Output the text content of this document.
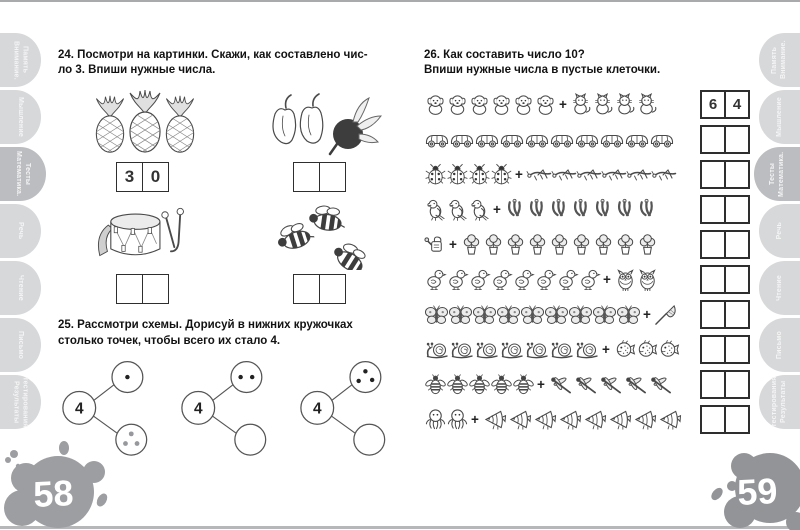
Внимание. Память
Мышление
Математика. Тесты
Речь
Чтение
Письмо
Результаты тестирования
Внимание. Память
Мышление
Математика. Тесты
Речь
Чтение
Письмо
Результаты тестирования
24. Посмотри на картинки. Скажи, как составлено чис-
ло 3. Впиши нужные числа.
3 0
25. Рассмотри схемы. Дорисуй в нижних кружочках
столько точек, чтобы всего их стало 4.
4	4	4
26. Как составить число 10?
Впиши нужные числа в пустые клеточки.
+	6	4
+
+
+
+
+
+
+
+
58	59
